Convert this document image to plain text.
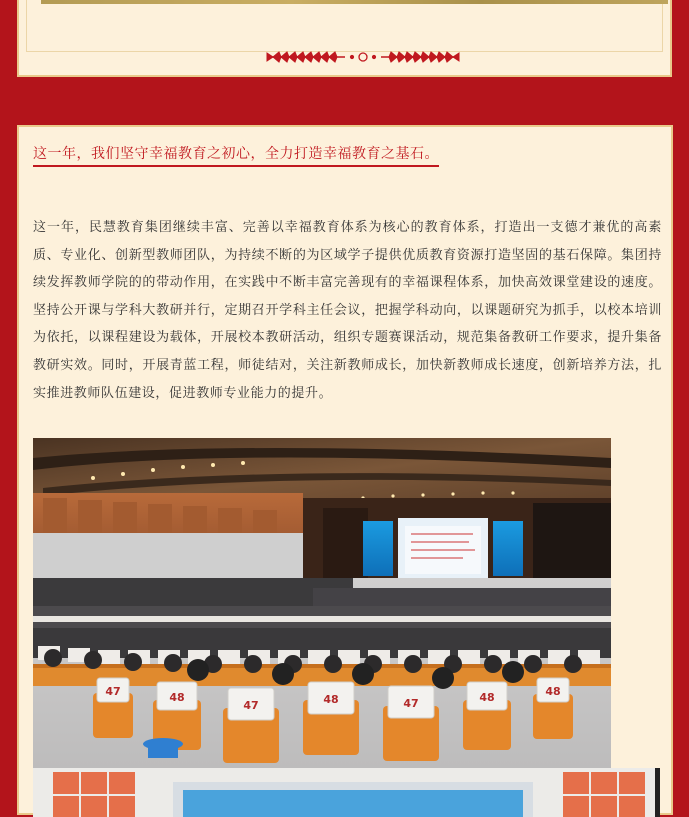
这一年，我们坚守幸福教育之初心，全力打造幸福教育之基石。

这一年，民慧教育集团继续丰富、完善以幸福教育体系为核心的教育体系，打造出一支德才兼优的高素质、专业化、创新型教师团队，为持续不断的为区域学子提供优质教育资源打造坚固的基石保障。集团持续发挥教师学院的的带动作用，在实践中不断丰富完善现有的幸福课程体系，加快高效课堂建设的速度。坚持公开课与学科大教研并行，定期召开学科主任会议，把握学科动向，以课题研究为抓手，以校本培训为依托，以课程建设为载体，开展校本教研活动，组织专题赛课活动，规范集备教研工作要求，提升集备教研实效。同时，开展青蓝工程，师徒结对，关注新教师成长，加快新教师成长速度，创新培养方法，扎实推进教师队伍建设，促进教师专业能力的提升。

47	48
47	48	47	48	48
